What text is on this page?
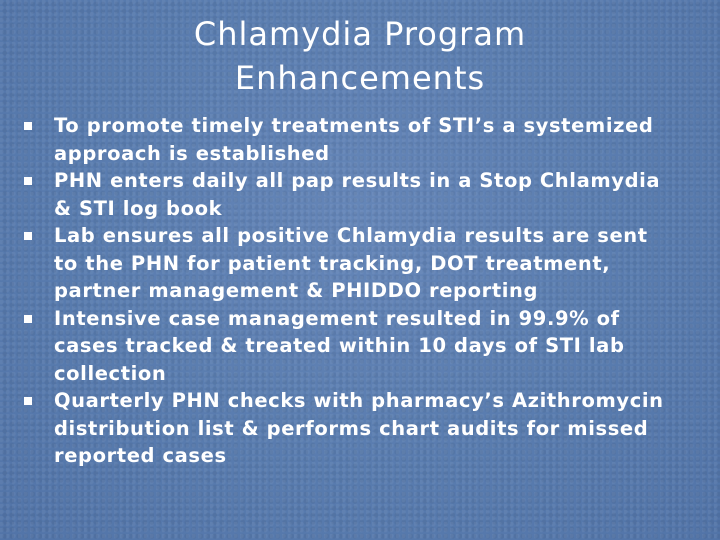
Chlamydia Program
Enhancements
To promote timely treatments of STI’s a systemized approach is established
PHN enters daily all pap results in a Stop Chlamydia & STI log book
Lab ensures all positive Chlamydia results are sent to the PHN for patient tracking, DOT treatment, partner management & PHIDDO reporting
Intensive case management resulted in 99.9% of cases tracked & treated within 10 days of STI lab collection
Quarterly PHN checks with pharmacy’s Azithromycin distribution list & performs chart audits for missed reported cases
